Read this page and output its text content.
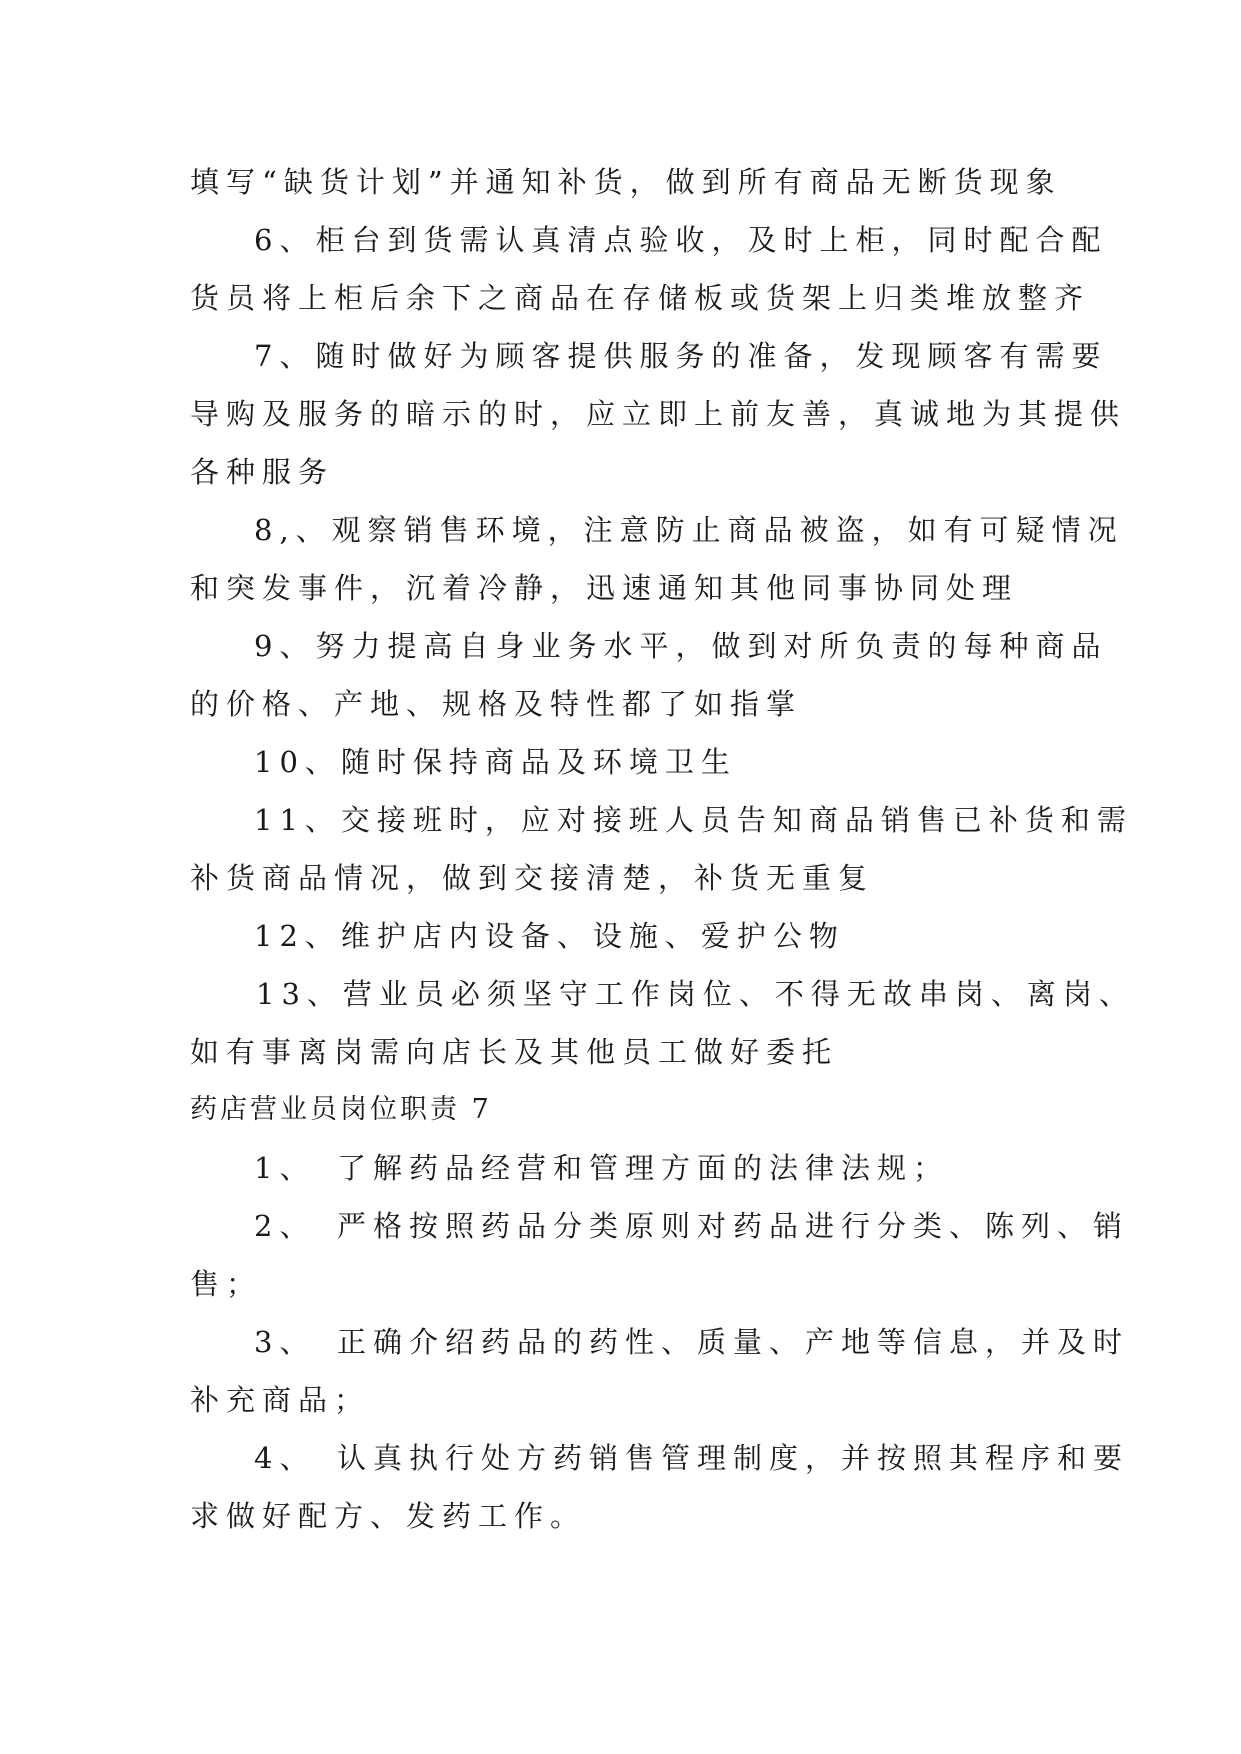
填写“缺货计划”并通知补货，做到所有商品无断货现象

6、柜台到货需认真清点验收，及时上柜，同时配合配

货员将上柜后余下之商品在存储板或货架上归类堆放整齐

7、随时做好为顾客提供服务的准备，发现顾客有需要

导购及服务的暗示的时，应立即上前友善，真诚地为其提供

各种服务

8,、观察销售环境，注意防止商品被盗，如有可疑情况

和突发事件，沉着冷静，迅速通知其他同事协同处理

9、努力提高自身业务水平，做到对所负责的每种商品

的价格、产地、规格及特性都了如指掌

10、随时保持商品及环境卫生

11、交接班时，应对接班人员告知商品销售已补货和需

补货商品情况，做到交接清楚，补货无重复

12、维护店内设备、设施、爱护公物

13、营业员必须坚守工作岗位、不得无故串岗、离岗、

如有事离岗需向店长及其他员工做好委托

药店营业员岗位职责 7

1、　了解药品经营和管理方面的法律法规；

2、　严格按照药品分类原则对药品进行分类、陈列、销

售；

3、　正确介绍药品的药性、质量、产地等信息，并及时

补充商品；

4、　认真执行处方药销售管理制度，并按照其程序和要

求做好配方、发药工作。
